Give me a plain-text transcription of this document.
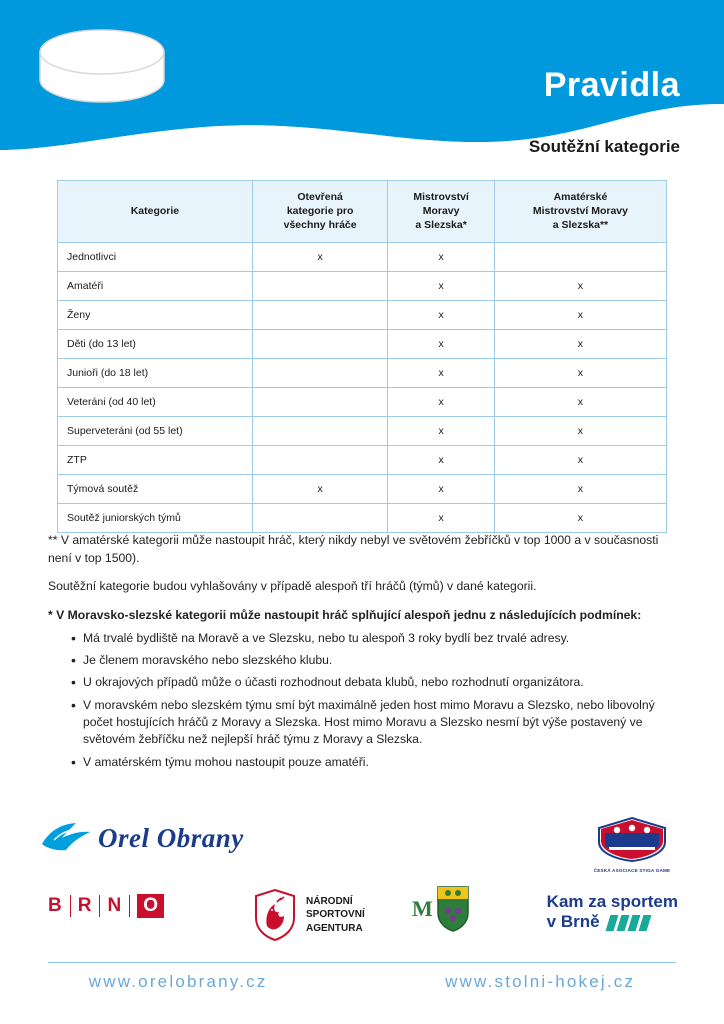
Pravidla
Soutěžní kategorie
Kategorie

Otevřená
kategorie pro
všechny hráče

Mistrovství
Moravy
a Slezska*

Amatérské
Mistrovství Moravy
a Slezska**

Jednotlivci	x	x	
Amatéři		x	x
Ženy		x	x
Děti (do 13 let)		x	x
Junioři (do 18 let)		x	x
Veteráni (od 40 let)		x	x
Superveteráni (od 55 let)		x	x
ZTP		x	x
Týmová soutěž	x	x	x
Soutěž juniorských týmů		x	x

** V amatérské kategorii může nastoupit hráč, který nikdy nebyl ve světovém žebříčků v top 1000 a v současnosti není v top 1500).

Soutěžní kategorie budou vyhlašovány v případě alespoň tří hráčů (týmů) v dané kategorii.

* V Moravsko-slezské kategorii může nastoupit hráč splňující alespoň jednu z následujících podmínek:

• Má trvalé bydliště na Moravě a ve Slezsku, nebo tu alespoň 3 roky bydlí bez trvalé adresy.
• Je členem moravského nebo slezského klubu.
• U okrajových případů může o účasti rozhodnout debata klubů, nebo rozhodnutí organizátora.
• V moravském nebo slezském týmu smí být maximálně jeden host mimo Moravu a Slezsko, nebo libovolný počet hostujících hráčů z Moravy a Slezska. Host mimo Moravu a Slezsko nesmí být výše postavený ve světovém žebříčku než nejlepší hráč týmu z Moravy a Slezska.
• V amatérském týmu mohou nastoupit pouze amatéři.
Orel Obrany
ČESKÁ ASOCIACE STIGA GAME
B R N	O	NÁRODNÍ
SPORTOVNÍ
AGENTURA
M	Kam za sportem
v Brně
www.orelobrany.cz	www.stolni-hokej.cz
